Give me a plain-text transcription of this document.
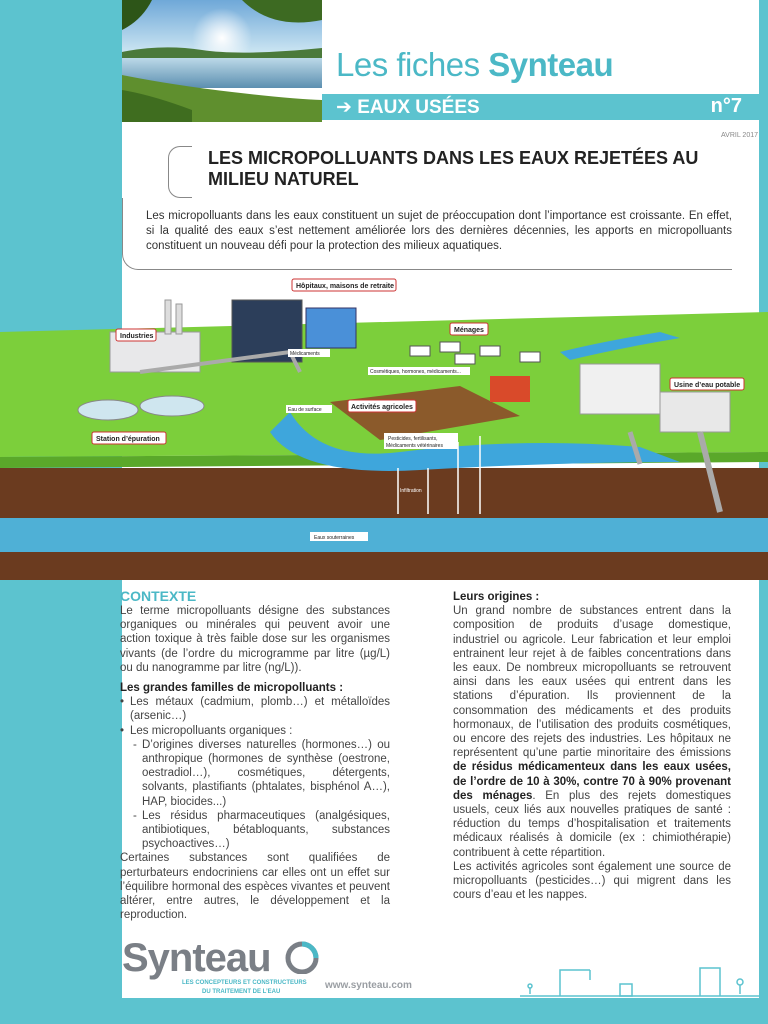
Les fiches Synteau
➔ EAUX USÉES	n°7
AVRIL 2017
LES MICROPOLLUANTS DANS LES EAUX REJETÉES AU MILIEU NATUREL
Les micropolluants dans les eaux constituent un sujet de préoccupation dont l’importance est croissante. En effet, si la qualité des eaux s’est nettement améliorée lors des dernières décennies, les apports en micropolluants constituent un nouveau défi pour la protection des milieux aquatiques.
Hôpitaux, maisons de retraite
Industries
Ménages
Activités agricoles
Usine d’eau potable
Station d’épuration
Médicaments
Cosmétiques, hormones, médicaments...
Eau de surface
Pesticides, fertilisants,
Médicaments vétérinaires
Infiltration
Eaux souterraines
CONTEXTE

Le terme micropolluants désigne des substances organiques ou minérales qui peuvent avoir une action toxique à très faible dose sur les organismes vivants (de l’ordre du microgramme par litre (µg/L) ou du nanogramme par litre (ng/L)).

Les grandes familles de micropolluants :
• Les métaux (cadmium, plomb…) et métalloïdes (arsenic…)
• Les micropolluants organiques :
- D’origines diverses naturelles (hormones…) ou anthropique (hormones de synthèse (oestrone, oestradiol…), cosmétiques, détergents, solvants, plastifiants (phtalates, bisphénol A…), HAP, biocides...)
- Les résidus pharmaceutiques (analgésiques, antibiotiques, bétabloquants, substances psychoactives…)

Certaines substances sont qualifiées de perturbateurs endocriniens car elles ont un effet sur l’équilibre hormonal des espèces vivantes et peuvent altérer, entre autres, le développement et la reproduction.

Leurs origines :

Un grand nombre de substances entrent dans la composition de produits d’usage domestique, industriel ou agricole. Leur fabrication et leur emploi entrainent leur rejet à de faibles concentrations dans les eaux. De nombreux micropolluants se retrouvent ainsi dans les eaux usées qui entrent dans les stations d’épuration. Ils proviennent de la consommation des médicaments et des produits hormonaux, de l’utilisation des produits cosmétiques, ou encore des rejets des industries. Les hôpitaux ne représentent qu’une partie minoritaire des émissions de résidus médicamenteux dans les eaux usées, de l’ordre de 10 à 30%, contre 70 à 90% provenant des ménages. En plus des rejets domestiques usuels, ceux liés aux nouvelles pratiques de santé : réduction du temps d’hospitalisation et traitements médicaux réalisés à domicile (ex : chimiothérapie) contribuent à cette répartition.

Les activités agricoles sont également une source de micropolluants (pesticides…) qui migrent dans les cours d’eau et les nappes.

Synteau
LES CONCEPTEURS ET CONSTRUCTEURS
DU TRAITEMENT DE L’EAU
www.synteau.com
